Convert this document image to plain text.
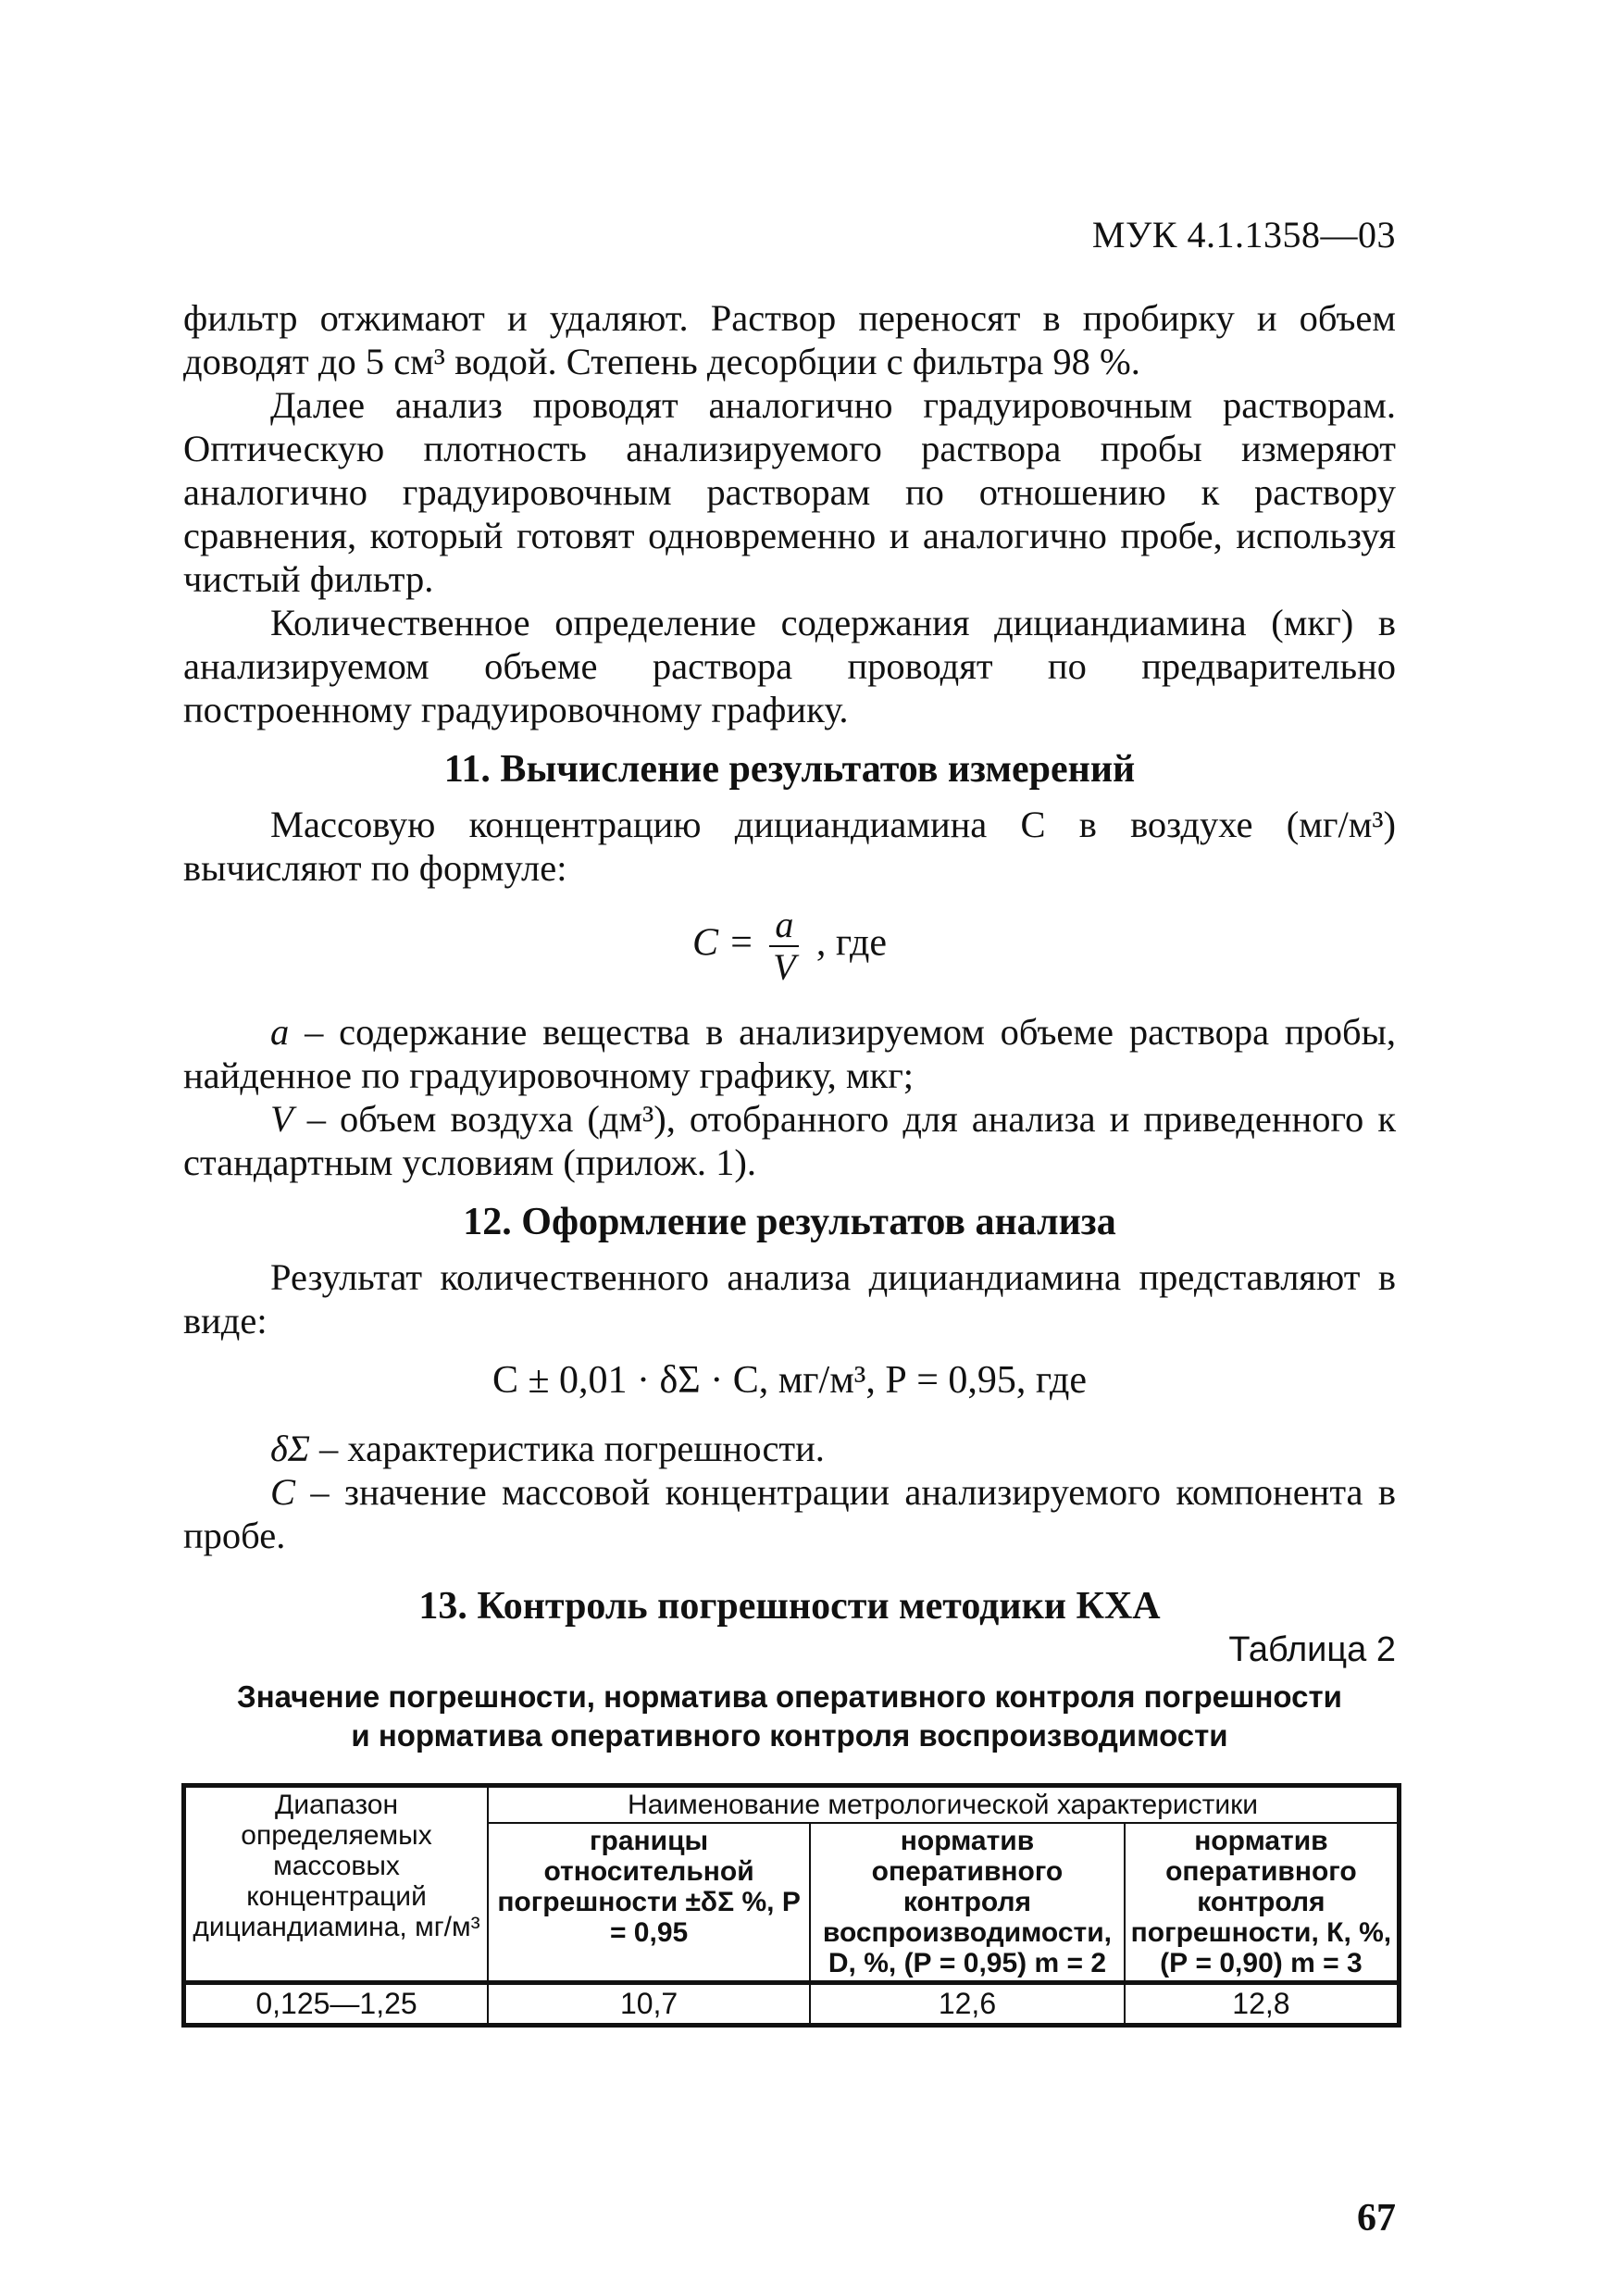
МУК 4.1.1358—03

фильтр отжимают и удаляют. Раствор переносят в пробирку и объем доводят до 5 см³ водой. Степень десорбции с фильтра 98 %.

Далее анализ проводят аналогично градуировочным растворам. Оптическую плотность анализируемого раствора пробы измеряют аналогично градуировочным растворам по отношению к раствору сравнения, который готовят одновременно и аналогично пробе, используя чистый фильтр.

Количественное определение содержания дициандиамина (мкг) в анализируемом объеме раствора проводят по предварительно построенному градуировочному графику.

11. Вычисление результатов измерений

Массовую концентрацию дициандиамина С в воздухе (мг/м³) вычисляют по формуле:

$C = \frac{a}{V}$ , где

а – содержание вещества в анализируемом объеме раствора пробы, найденное по градуировочному графику, мкг;

V – объем воздуха (дм³), отобранного для анализа и приведенного к стандартным условиям (прилож. 1).

12. Оформление результатов анализа

Результат количественного анализа дициандиамина представляют в виде:

С ± 0,01 · δΣ · С, мг/м³, Р = 0,95, где

δΣ – характеристика погрешности.

С – значение массовой концентрации анализируемого компонента в пробе.

13. Контроль погрешности методики КХА

Таблица 2

Значение погрешности, норматива оперативного контроля погрешности
и норматива оперативного контроля воспроизводимости

Диапазон определяемых массовых концентраций дициандиамина, мг/м³	Наименование метрологической характеристики		
	границы относительной погрешности ±δΣ %, Р = 0,95	норматив оперативного контроля воспроизводимости, D, %, (Р = 0,95) m = 2	норматив оперативного контроля погрешности, К, %, (Р = 0,90) m = 3
0,125—1,25	10,7	12,6	12,8
67
